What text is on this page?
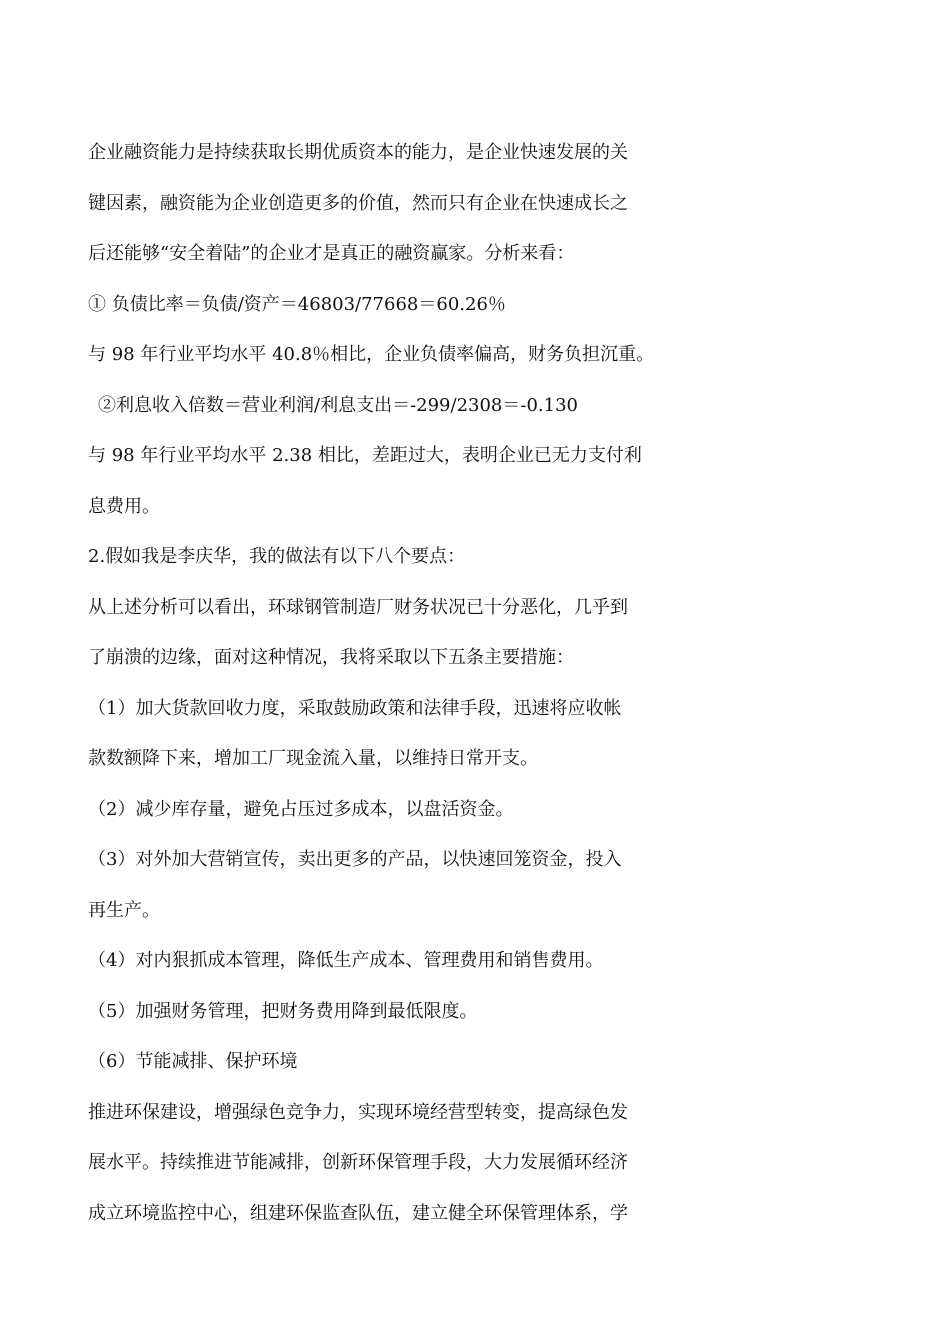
企业融资能力是持续获取长期优质资本的能力，是企业快速发展的关
键因素，融资能为企业创造更多的价值，然而只有企业在快速成长之
后还能够“安全着陆”的企业才是真正的融资赢家。分析来看：
① 负债比率＝负债/资产＝46803/77668＝60.26％
与 98 年行业平均水平 40.8％相比，企业负债率偏高，财务负担沉重。
②利息收入倍数＝营业利润/利息支出＝-299/2308＝-0.130
与 98 年行业平均水平 2.38 相比，差距过大，表明企业已无力支付利
息费用。
2.假如我是李庆华，我的做法有以下八个要点：
从上述分析可以看出，环球钢管制造厂财务状况已十分恶化，几乎到
了崩溃的边缘，面对这种情况，我将采取以下五条主要措施：
（1）加大货款回收力度，采取鼓励政策和法律手段，迅速将应收帐
款数额降下来，增加工厂现金流入量，以维持日常开支。
（2）减少库存量，避免占压过多成本，以盘活资金。
（3）对外加大营销宣传，卖出更多的产品，以快速回笼资金，投入
再生产。
（4）对内狠抓成本管理，降低生产成本、管理费用和销售费用。
（5）加强财务管理，把财务费用降到最低限度。
（6）节能减排、保护环境
推进环保建设，增强绿色竞争力，实现环境经营型转变，提高绿色发
展水平。持续推进节能减排，创新环保管理手段，大力发展循环经济
成立环境监控中心，组建环保监查队伍，建立健全环保管理体系，学
